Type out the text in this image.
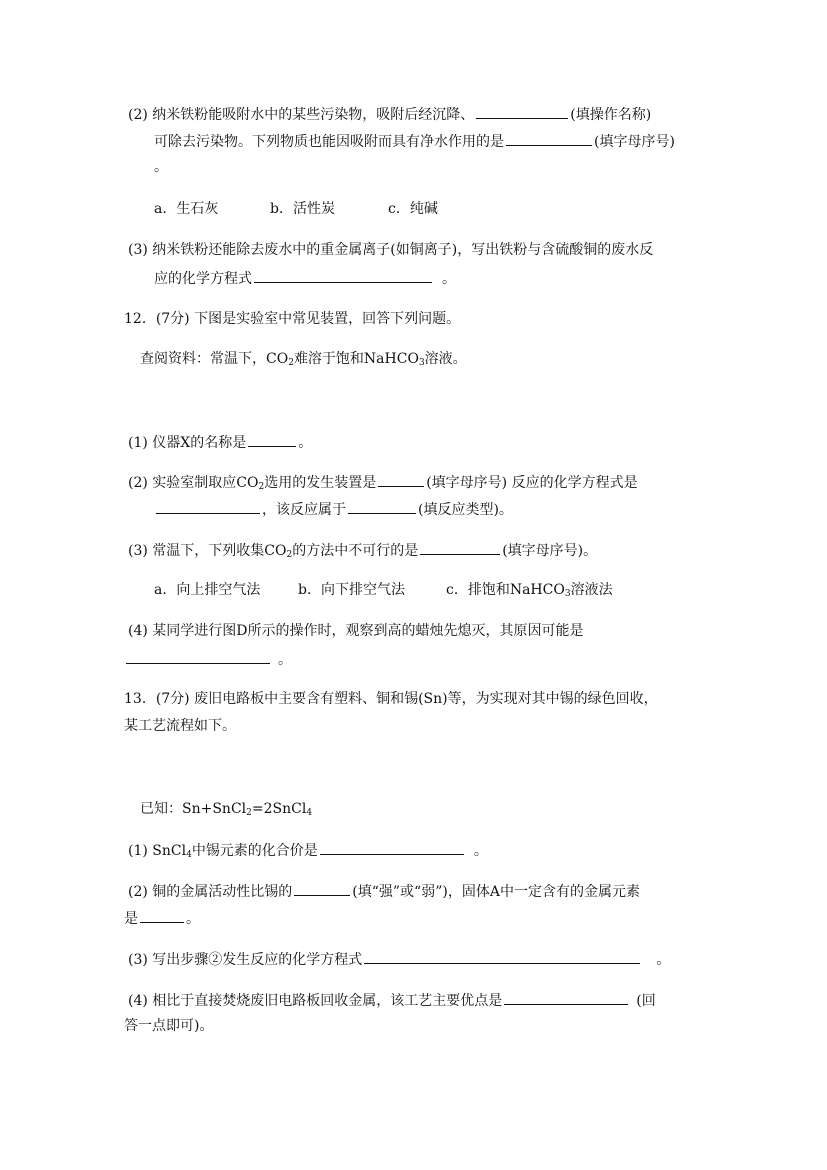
(2) 纳米铁粉能吸附水中的某些污染物，吸附后经沉降、	(填操作名称)
可除去污染物。下列物质也能因吸附而具有净水作用的是	(填字母序号)
。
a．生石灰	b．活性炭	c．纯碱
(3) 纳米铁粉还能除去废水中的重金属离子(如铜离子)，写出铁粉与含硫酸铜的废水反
应的化学方程式	。
12．(7分) 下图是实验室中常见装置，回答下列问题。
查阅资料：常温下，$CO_2$难溶于饱和NaHCO$_3$溶液。
(1) 仪器X的名称是	。
(2) 实验室制取应$CO_2$选用的发生装置是	(填字母序号) 反应的化学方程式是
，该反应属于	(填反应类型)。
(3) 常温下，下列收集$CO_2$的方法中不可行的是	(填字母序号)。
a．向上排空气法	b．向下排空气法	c．排饱和NaHCO$_3$溶液法
(4) 某同学进行图D所示的操作时，观察到高的蜡烛先熄灭，其原因可能是
。
13．(7分) 废旧电路板中主要含有塑料、铜和锡(Sn)等，为实现对其中锡的绿色回收，
某工艺流程如下。
已知：Sn+SnCl$_2$=2SnCl$_4$
(1) SnCl$_4$中锡元素的化合价是	。
(2) 铜的金属活动性比锡的	(填“强”或“弱”)，固体A中一定含有的金属元素
是	。
(3) 写出步骤②发生反应的化学方程式	。
(4) 相比于直接焚烧废旧电路板回收金属，该工艺主要优点是	(回
答一点即可)。
